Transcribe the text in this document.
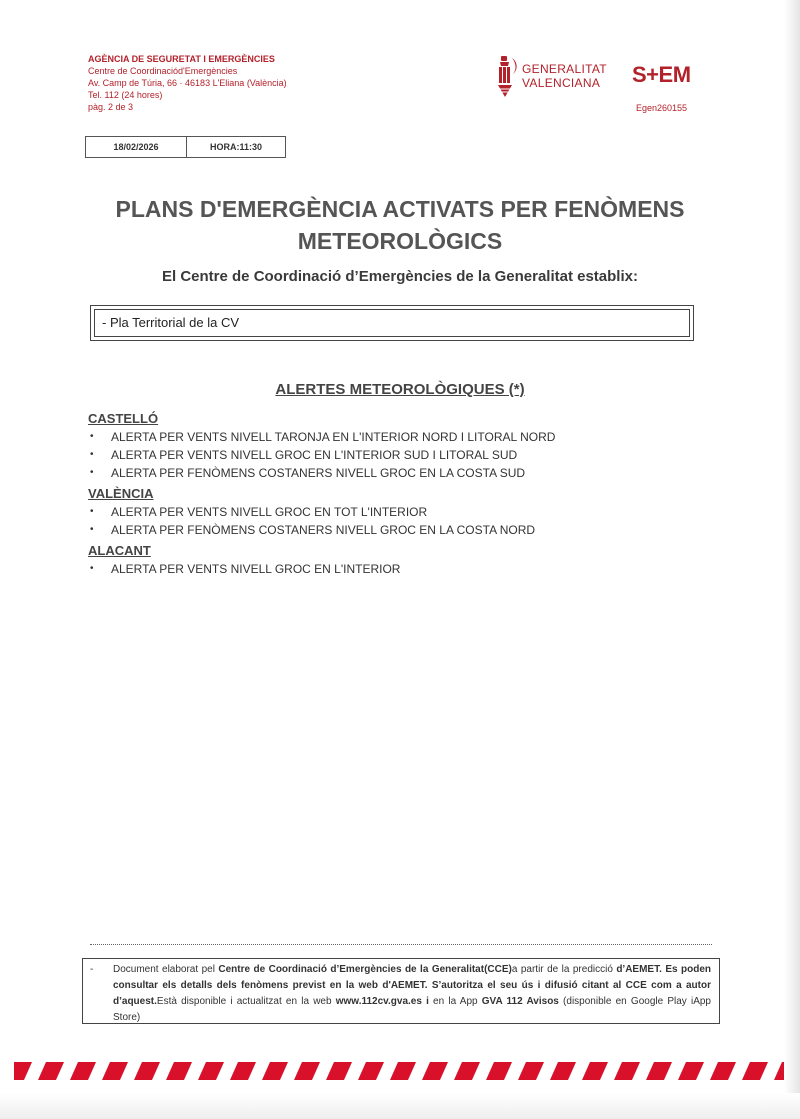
AGÈNCIA DE SEGURETAT I EMERGÈNCIES
Centre de Coordinaciód'Emergències
Av. Camp de Túria, 66 · 46183 L'Eliana (València)
Tel. 112 (24 hores)
pàg. 2 de 3
GENERALITAT
VALENCIANA	S+EM
Egen260155
18/02/2026	HORA:11:30
PLANS D'EMERGÈNCIA ACTIVATS PER FENÒMENS
METEOROLÒGICS
El Centre de Coordinació d’Emergències de la Generalitat establix:
- Pla Territorial de la CV
ALERTES METEOROLÒGIQUES (*)
CASTELLÓ
• ALERTA PER VENTS NIVELL TARONJA EN L'INTERIOR NORD I LITORAL NORD
• ALERTA PER VENTS NIVELL GROC EN L'INTERIOR SUD I LITORAL SUD
• ALERTA PER FENÒMENS COSTANERS NIVELL GROC EN LA COSTA SUD
VALÈNCIA
• ALERTA PER VENTS NIVELL GROC EN TOT L'INTERIOR
• ALERTA PER FENÒMENS COSTANERS NIVELL GROC EN LA COSTA NORD
ALACANT
• ALERTA PER VENTS NIVELL GROC EN L'INTERIOR
- Document elaborat pel Centre de Coordinació d’Emergències de la Generalitat(CCE)a partir de la predicció d’AEMET. Es poden consultar els detalls dels fenòmens previst en la web d'AEMET. S’autoritza el seu ús i difusió citant al CCE com a autor d’aquest.Està disponible i actualitzat en la web www.112cv.gva.es i en la App GVA 112 Avisos (disponible en Google Play iApp Store)
